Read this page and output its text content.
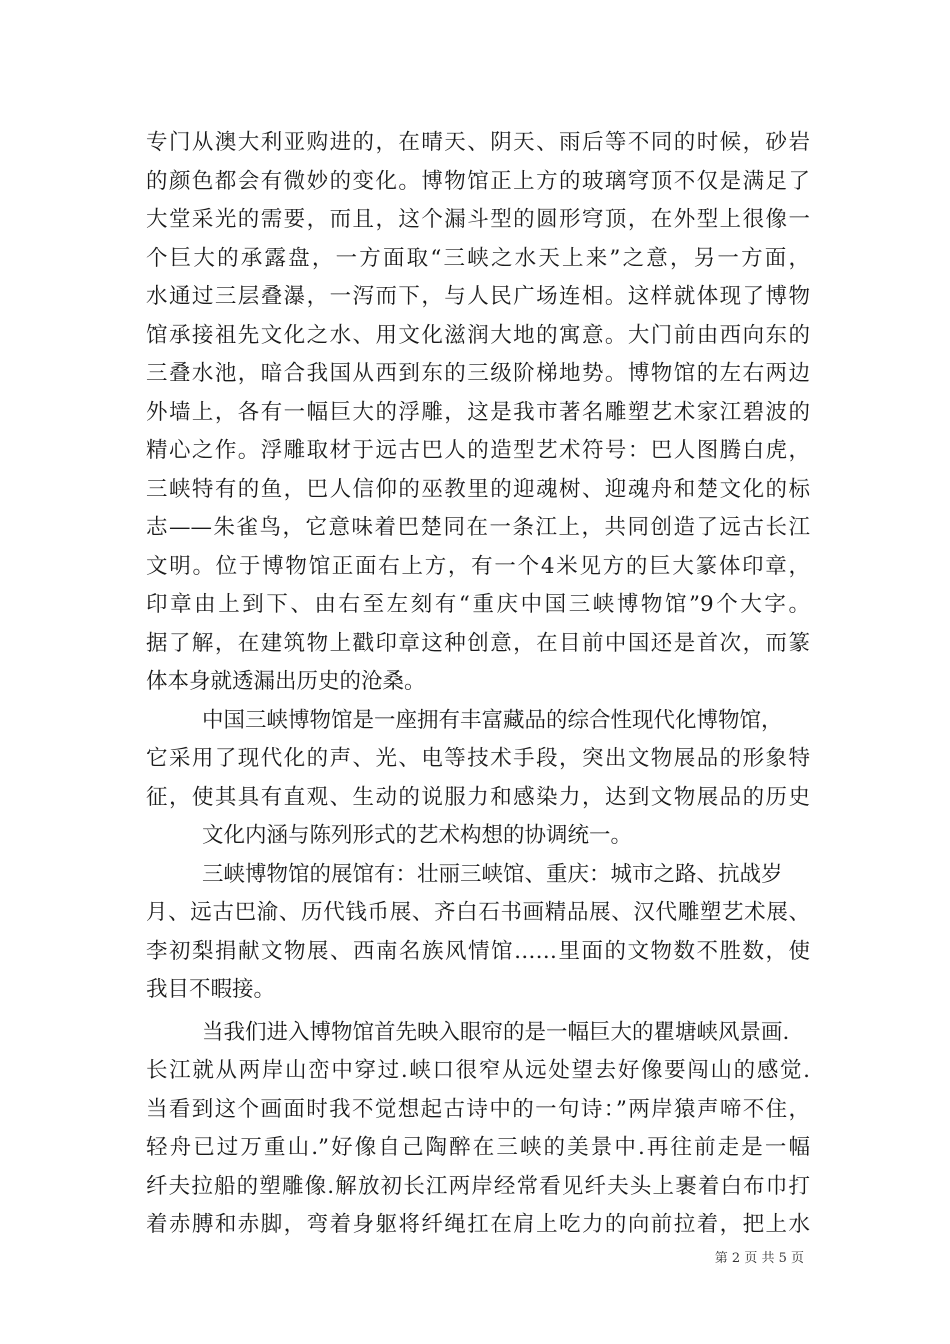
专门从澳大利亚购进的，在晴天、阴天、雨后等不同的时候，砂岩
的颜色都会有微妙的变化。博物馆正上方的玻璃穹顶不仅是满足了
大堂采光的需要，而且，这个漏斗型的圆形穹顶，在外型上很像一
个巨大的承露盘，一方面取“三峡之水天上来”之意，另一方面，
水通过三层叠瀑，一泻而下，与人民广场连相。这样就体现了博物
馆承接祖先文化之水、用文化滋润大地的寓意。大门前由西向东的
三叠水池，暗合我国从西到东的三级阶梯地势。博物馆的左右两边
外墙上，各有一幅巨大的浮雕，这是我市著名雕塑艺术家江碧波的
精心之作。浮雕取材于远古巴人的造型艺术符号：巴人图腾白虎，
三峡特有的鱼，巴人信仰的巫教里的迎魂树、迎魂舟和楚文化的标
志——朱雀鸟，它意味着巴楚同在一条江上，共同创造了远古长江
文明。位于博物馆正面右上方，有一个4米见方的巨大篆体印章，
印章由上到下、由右至左刻有“重庆中国三峡博物馆”9个大字。
据了解，在建筑物上戳印章这种创意，在目前中国还是首次，而篆
体本身就透漏出历史的沧桑。
中国三峡博物馆是一座拥有丰富藏品的综合性现代化博物馆，
它采用了现代化的声、光、电等技术手段，突出文物展品的形象特
征，使其具有直观、生动的说服力和感染力，达到文物展品的历史
文化内涵与陈列形式的艺术构想的协调统一。
三峡博物馆的展馆有：壮丽三峡馆、重庆：城市之路、抗战岁
月、远古巴渝、历代钱币展、齐白石书画精品展、汉代雕塑艺术展、
李初梨捐献文物展、西南名族风情馆……里面的文物数不胜数，使
我目不暇接。
当我们进入博物馆首先映入眼帘的是一幅巨大的瞿塘峡风景画.
长江就从两岸山峦中穿过.峡口很窄从远处望去好像要闯山的感觉.
当看到这个画面时我不觉想起古诗中的一句诗：”两岸猿声啼不住，
轻舟已过万重山.”好像自己陶醉在三峡的美景中.再往前走是一幅
纤夫拉船的塑雕像.解放初长江两岸经常看见纤夫头上裹着白布巾打
着赤膊和赤脚，弯着身躯将纤绳扛在肩上吃力的向前拉着，把上水
第 2 页 共 5 页
